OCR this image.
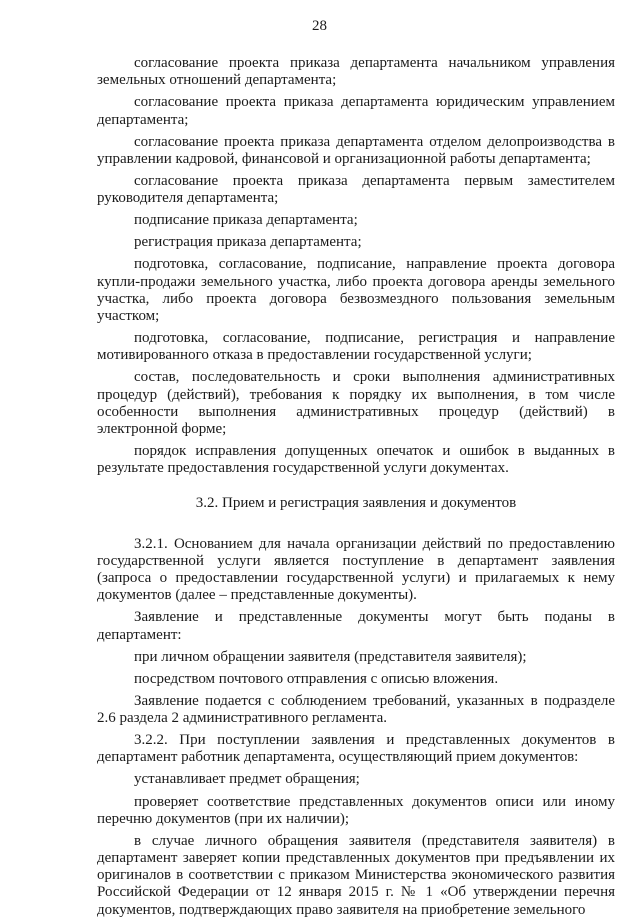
28

согласование проекта приказа департамента начальником управления земельных отношений департамента;

согласование проекта приказа департамента юридическим управлением департамента;

согласование проекта приказа департамента отделом делопроизводства в управлении кадровой, финансовой и организационной работы департамента;

согласование проекта приказа департамента первым заместителем руководителя департамента;

подписание приказа департамента;

регистрация приказа департамента;

подготовка, согласование, подписание, направление проекта договора купли-продажи земельного участка, либо проекта договора аренды земельного участка, либо проекта договора безвозмездного пользования земельным участком;

подготовка, согласование, подписание, регистрация и направление мотивированного отказа в предоставлении государственной услуги;

состав, последовательность и сроки выполнения административных процедур (действий), требования к порядку их выполнения, в том числе особенности выполнения административных процедур (действий) в электронной форме;

порядок исправления допущенных опечаток и ошибок в выданных в результате предоставления государственной услуги документах.

3.2. Прием и регистрация заявления и документов

3.2.1. Основанием для начала организации действий по предоставлению государственной услуги является поступление в департамент заявления (запроса о предоставлении государственной услуги) и прилагаемых к нему документов (далее – представленные документы).

Заявление и представленные документы могут быть поданы в департамент:

при личном обращении заявителя (представителя заявителя);

посредством почтового отправления с описью вложения.

Заявление подается с соблюдением требований, указанных в подразделе 2.6 раздела 2 административного регламента.

3.2.2. При поступлении заявления и представленных документов в департамент работник департамента, осуществляющий прием документов:

устанавливает предмет обращения;

проверяет соответствие представленных документов описи или иному перечню документов (при их наличии);

в случае личного обращения заявителя (представителя заявителя) в департамент заверяет копии представленных документов при предъявлении их оригиналов в соответствии с приказом Министерства экономического развития Российской Федерации от 12 января 2015 г. № 1 «Об утверждении перечня документов, подтверждающих право заявителя на приобретение земельного
